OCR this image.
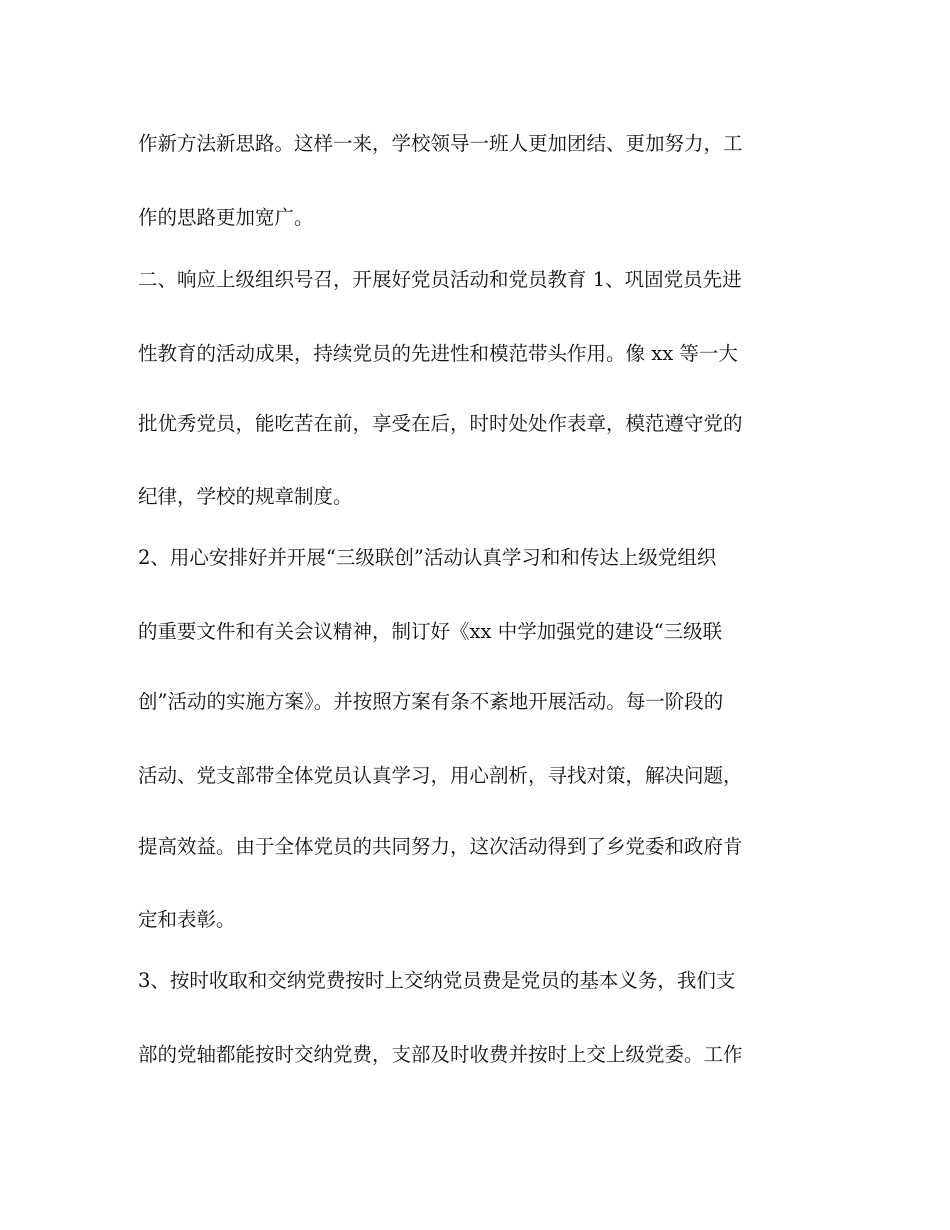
作新方法新思路。这样一来，学校领导一班人更加团结、更加努力，工
作的思路更加宽广。
二、响应上级组织号召，开展好党员活动和党员教育 1、巩固党员先进
性教育的活动成果，持续党员的先进性和模范带头作用。像 xx 等一大
批优秀党员，能吃苦在前，享受在后，时时处处作表章，模范遵守党的
纪律，学校的规章制度。
2、用心安排好并开展“三级联创”活动认真学习和和传达上级党组织
的重要文件和有关会议精神，制订好《xx 中学加强党的建设“三级联
创”活动的实施方案》。并按照方案有条不紊地开展活动。每一阶段的
活动、党支部带全体党员认真学习，用心剖析，寻找对策，解决问题，
提高效益。由于全体党员的共同努力，这次活动得到了乡党委和政府肯
定和表彰。
3、按时收取和交纳党费按时上交纳党员费是党员的基本义务，我们支
部的党轴都能按时交纳党费，支部及时收费并按时上交上级党委。工作
